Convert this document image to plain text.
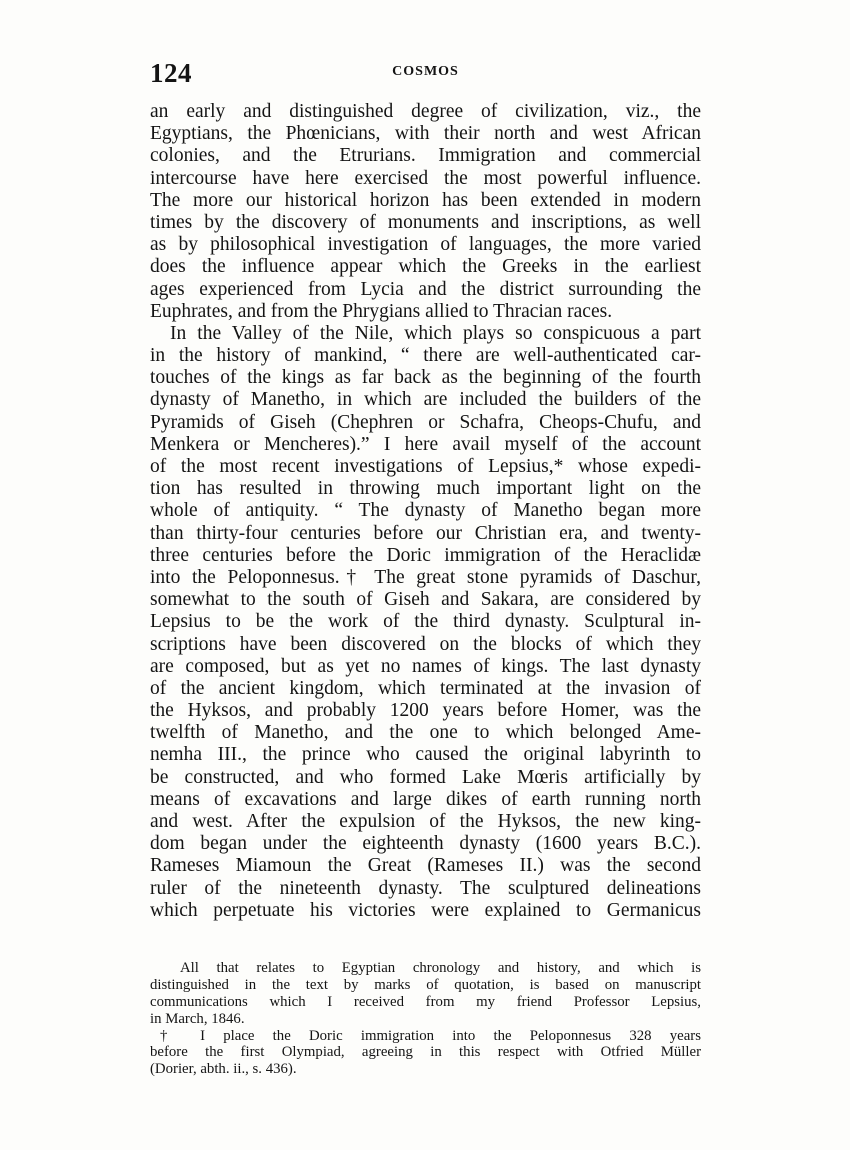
124	COSMOS
an early and distinguished degree of civilization, viz., the
Egyptians, the Phœnicians, with their north and west African
colonies, and the Etrurians. Immigration and commercial
intercourse have here exercised the most powerful influence.
The more our historical horizon has been extended in modern
times by the discovery of monuments and inscriptions, as well
as by philosophical investigation of languages, the more varied
does the influence appear which the Greeks in the earliest
ages experienced from Lycia and the district surrounding the
Euphrates, and from the Phrygians allied to Thracian races.
In the Valley of the Nile, which plays so conspicuous a part
in the history of mankind, “ there are well-authenticated car-
touches of the kings as far back as the beginning of the fourth
dynasty of Manetho, in which are included the builders of the
Pyramids of Giseh (Chephren or Schafra, Cheops-Chufu, and
Menkera or Mencheres).” I here avail myself of the account
of the most recent investigations of Lepsius,* whose expedi-
tion has resulted in throwing much important light on the
whole of antiquity. “ The dynasty of Manetho began more
than thirty-four centuries before our Christian era, and twenty-
three centuries before the Doric immigration of the Heraclidæ
into the Peloponnesus.† The great stone pyramids of Daschur,
somewhat to the south of Giseh and Sakara, are considered by
Lepsius to be the work of the third dynasty. Sculptural in-
scriptions have been discovered on the blocks of which they
are composed, but as yet no names of kings. The last dynasty
of the ancient kingdom, which terminated at the invasion of
the Hyksos, and probably 1200 years before Homer, was the
twelfth of Manetho, and the one to which belonged Ame-
nemha III., the prince who caused the original labyrinth to
be constructed, and who formed Lake Mœris artificially by
means of excavations and large dikes of earth running north
and west. After the expulsion of the Hyksos, the new king-
dom began under the eighteenth dynasty (1600 years B.C.).
Rameses Miamoun the Great (Rameses II.) was the second
ruler of the nineteenth dynasty. The sculptured delineations
which perpetuate his victories were explained to Germanicus
All that relates to Egyptian chronology and history, and which is
distinguished in the text by marks of quotation, is based on manuscript
communications which I received from my friend Professor Lepsius,
in March, 1846.
† I place the Doric immigration into the Peloponnesus 328 years
before the first Olympiad, agreeing in this respect with Otfried Müller
(Dorier, abth. ii., s. 436).
